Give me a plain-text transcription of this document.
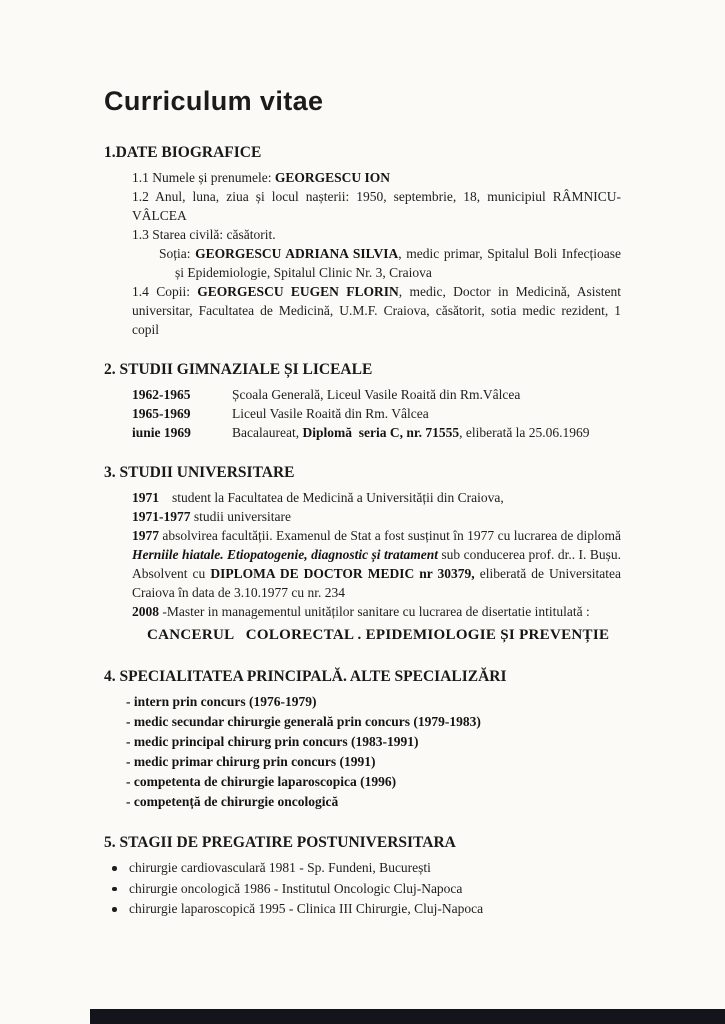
Curriculum vitae
1.DATE BIOGRAFICE
1.1 Numele și prenumele: GEORGESCU ION
1.2 Anul, luna, ziua și locul nașterii: 1950, septembrie, 18, municipiul RÂMNICU-VÂLCEA
1.3 Starea civilă: căsătorit.
Soția: GEORGESCU ADRIANA SILVIA, medic primar, Spitalul Boli Infecțioase și Epidemiologie, Spitalul Clinic Nr. 3, Craiova
1.4 Copii: GEORGESCU EUGEN FLORIN, medic, Doctor in Medicină, Asistent universitar, Facultatea de Medicină, U.M.F. Craiova, căsătorit, sotia medic rezident, 1 copil
2. STUDII GIMNAZIALE ȘI LICEALE
1962-1965	Școala Generală, Liceul Vasile Roaită din Rm.Vâlcea
1965-1969	Liceul Vasile Roaită din Rm. Vâlcea
iunie 1969	Bacalaureat, Diplomă  seria C, nr. 71555, eliberată la 25.06.1969
3. STUDII UNIVERSITARE
1971 student la Facultatea de Medicină a Universității din Craiova,
1971-1977 studii universitare
1977 absolvirea facultății. Examenul de Stat a fost susținut în 1977 cu lucrarea de diplomă Herniile hiatale. Etiopatogenie, diagnostic și tratament sub conducerea prof. dr.. I. Bușu. Absolvent cu DIPLOMA DE DOCTOR MEDIC nr 30379, eliberată de Universitatea Craiova în data de 3.10.1977 cu nr. 234
2008 -Master in managementul unităților sanitare cu lucrarea de disertatie intitulată :
CANCERUL   COLORECTAL . EPIDEMIOLOGIE ȘI PREVENȚIE
4. SPECIALITATEA PRINCIPALĂ. ALTE SPECIALIZĂRI
- intern prin concurs (1976-1979)
- medic secundar chirurgie generală prin concurs (1979-1983)
- medic principal chirurg prin concurs (1983-1991)
- medic primar chirurg prin concurs (1991)
- competenta de chirurgie laparoscopica (1996)
- competență de chirurgie oncologică
5. STAGII DE PREGATIRE POSTUNIVERSITARA
chirurgie cardiovasculară 1981 - Sp. Fundeni, București
chirurgie oncologică 1986 - Institutul Oncologic Cluj-Napoca
chirurgie laparoscopică 1995 - Clinica III Chirurgie, Cluj-Napoca
